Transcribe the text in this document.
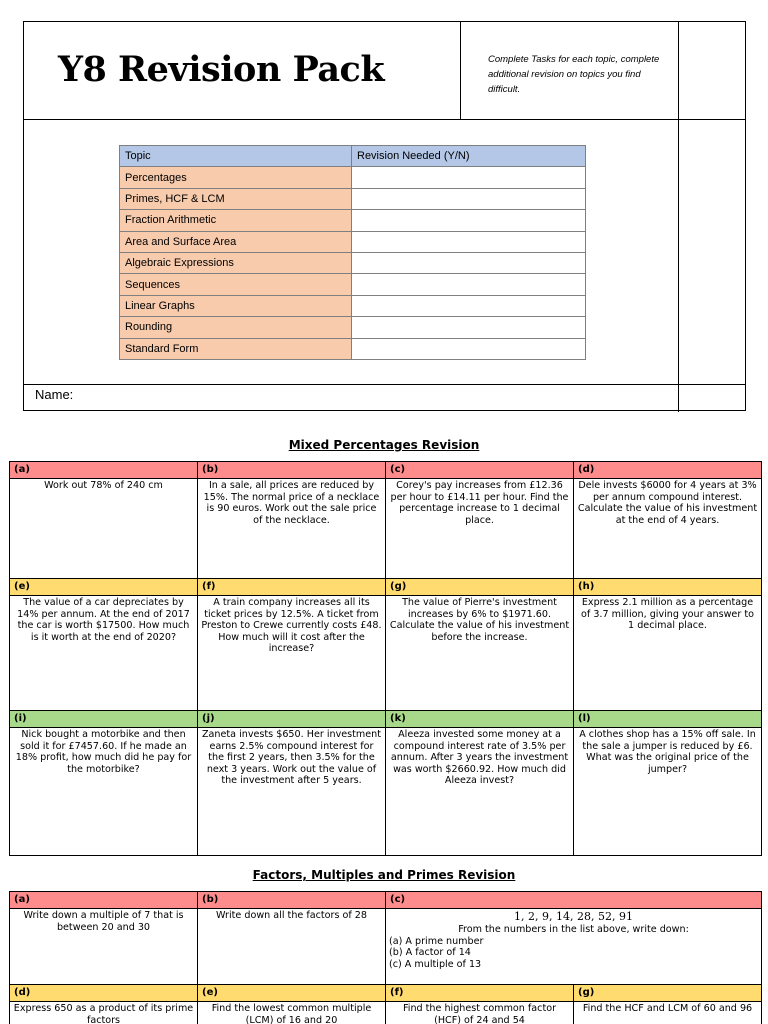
Y8 Revision Pack	Complete Tasks for each topic, complete additional revision on topics you find difficult.
Topic	Revision Needed (Y/N)
Percentages	
Primes, HCF & LCM	
Fraction Arithmetic	
Area and Surface Area	
Algebraic Expressions	
Sequences	
Linear Graphs	
Rounding	
Standard Form	
Name:
Mixed Percentages Revision
(a)	(b)	(c)	(d)
Work out 78% of 240 cm	In a sale, all prices are reduced by 15%. The normal price of a necklace is 90 euros. Work out the sale price of the necklace.	Corey's pay increases from £12.36 per hour to £14.11 per hour. Find the percentage increase to 1 decimal place.	Dele invests $6000 for 4 years at 3% per annum compound interest. Calculate the value of his investment at the end of 4 years.
(e)	(f)	(g)	(h)
The value of a car depreciates by 14% per annum. At the end of 2017 the car is worth $17500. How much is it worth at the end of 2020?	A train company increases all its ticket prices by 12.5%. A ticket from Preston to Crewe currently costs £48. How much will it cost after the increase?	The value of Pierre's investment increases by 6% to $1971.60. Calculate the value of his investment before the increase.	Express 2.1 million as a percentage of 3.7 million, giving your answer to 1 decimal place.
(i)	(j)	(k)	(l)
Nick bought a motorbike and then sold it for £7457.60. If he made an 18% profit, how much did he pay for the motorbike?	Zaneta invests $650. Her investment earns 2.5% compound interest for the first 2 years, then 3.5% for the next 3 years. Work out the value of the investment after 5 years.	Aleeza invested some money at a compound interest rate of 3.5% per annum. After 3 years the investment was worth $2660.92. How much did Aleeza invest?	A clothes shop has a 15% off sale. In the sale a jumper is reduced by £6. What was the original price of the jumper?
Factors, Multiples and Primes Revision
(a)	(b)	(c)	
Write down a multiple of 7 that is between 20 and 30	Write down all the factors of 28	1, 2, 9, 14, 28, 52, 91
From the numbers in the list above, write down:
(a) A prime number
(b) A factor of 14
(c) A multiple of 13	

(d)	(e)	(f)	(g)
Express 650 as a product of its prime factors	Find the lowest common multiple (LCM) of 16 and 20	Find the highest common factor (HCF) of 24 and 54	Find the HCF and LCM of 60 and 96
